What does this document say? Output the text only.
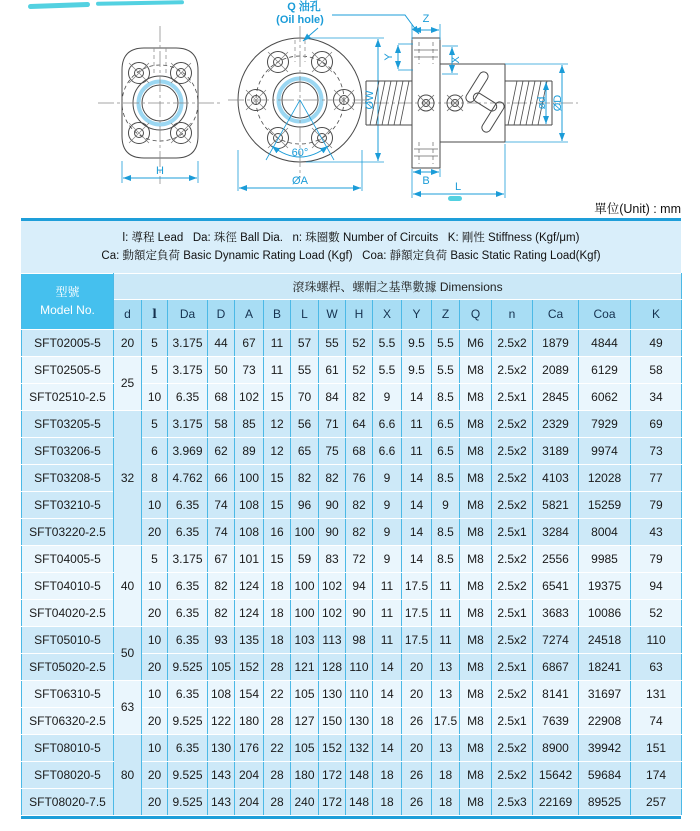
Q 油孔
(Oil hole)
H
ØW
60°
ØA
Z
Y	X
B	L
ød ØD
單位(Unit) : mm
l: 導程 Lead   Da: 珠徑 Ball Dia.   n: 珠圈數 Number of Circuits   K: 剛性 Stiffness (Kgf/μm)
Ca: 動額定負荷 Basic Dynamic Rating Load (Kgf)   Coa: 靜額定負荷 Basic Static Rating Load(Kgf)
型號
Model No.	滾珠螺桿、螺帽之基準數據 Dimensions																
	d	l	Da	D	A	B	L	W	H	X	Y	Z	Q	n	Ca	Coa	K
SFT02005-5	20	5	3.175	44	67	11	57	55	52	5.5	9.5	5.5	M6	2.5x2	1879	4844	49
SFT02505-5	25	5	3.175	50	73	11	55	61	52	5.5	9.5	5.5	M8	2.5x2	2089	6129	58
SFT02510-2.5		10	6.35	68	102	15	70	84	82	9	14	8.5	M8	2.5x1	2845	6062	34
SFT03205-5	32	5	3.175	58	85	12	56	71	64	6.6	11	6.5	M8	2.5x2	2329	7929	69
SFT03206-5		6	3.969	62	89	12	65	75	68	6.6	11	6.5	M8	2.5x2	3189	9974	73
SFT03208-5		8	4.762	66	100	15	82	82	76	9	14	8.5	M8	2.5x2	4103	12028	77
SFT03210-5		10	6.35	74	108	15	96	90	82	9	14	9	M8	2.5x2	5821	15259	79
SFT03220-2.5		20	6.35	74	108	16	100	90	82	9	14	8.5	M8	2.5x1	3284	8004	43
SFT04005-5	40	5	3.175	67	101	15	59	83	72	9	14	8.5	M8	2.5x2	2556	9985	79
SFT04010-5		10	6.35	82	124	18	100	102	94	11	17.5	11	M8	2.5x2	6541	19375	94
SFT04020-2.5		20	6.35	82	124	18	100	102	90	11	17.5	11	M8	2.5x1	3683	10086	52
SFT05010-5	50	10	6.35	93	135	18	103	113	98	11	17.5	11	M8	2.5x2	7274	24518	110
SFT05020-2.5		20	9.525	105	152	28	121	128	110	14	20	13	M8	2.5x1	6867	18241	63
SFT06310-5	63	10	6.35	108	154	22	105	130	110	14	20	13	M8	2.5x2	8141	31697	131
SFT06320-2.5		20	9.525	122	180	28	127	150	130	18	26	17.5	M8	2.5x1	7639	22908	74
SFT08010-5	80	10	6.35	130	176	22	105	152	132	14	20	13	M8	2.5x2	8900	39942	151
SFT08020-5		20	9.525	143	204	28	180	172	148	18	26	18	M8	2.5x2	15642	59684	174
SFT08020-7.5		20	9.525	143	204	28	240	172	148	18	26	18	M8	2.5x3	22169	89525	257
